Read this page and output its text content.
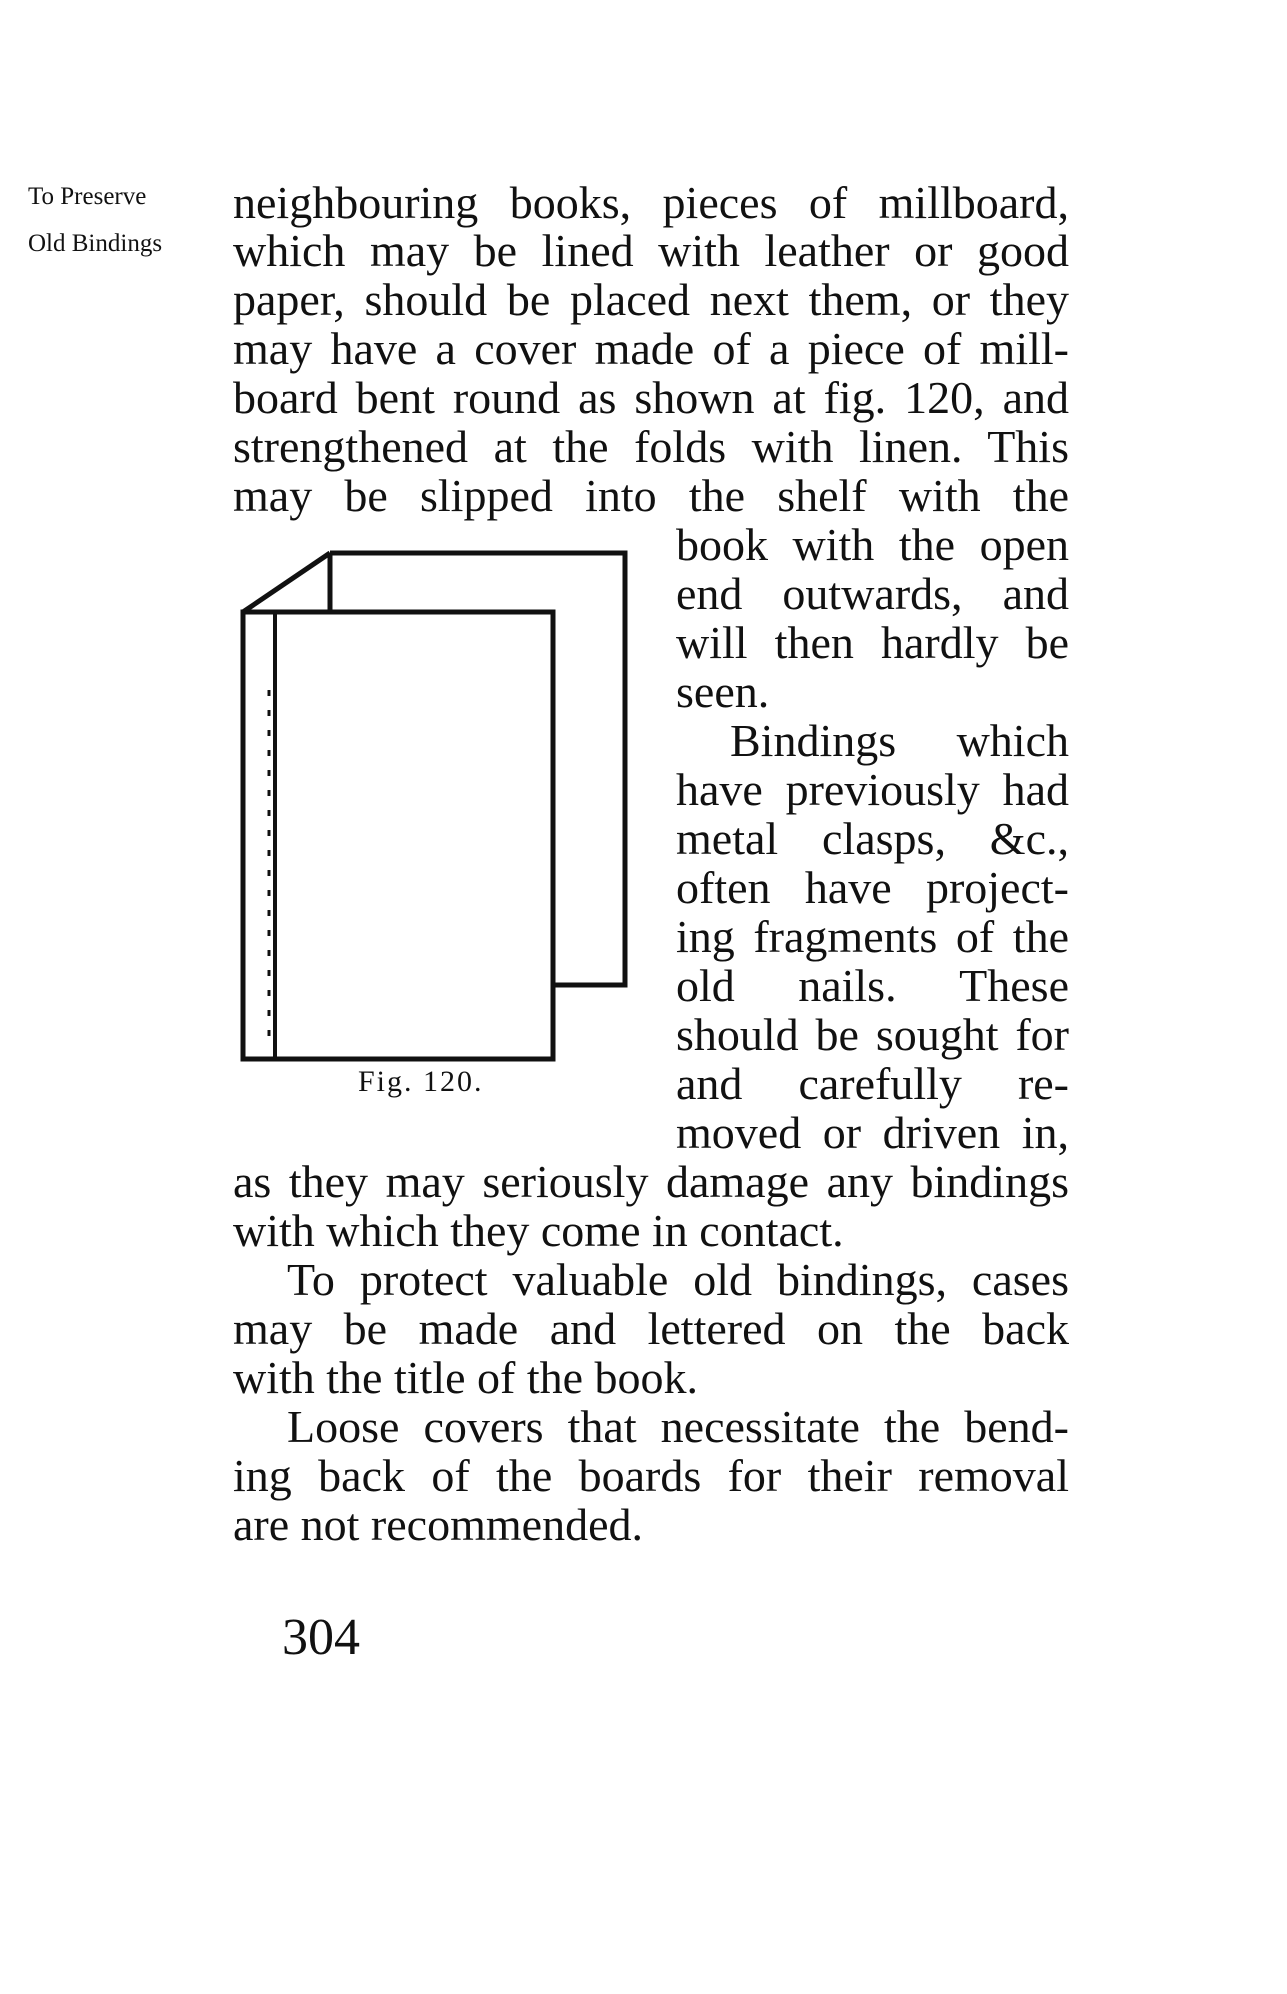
To Preserve
Old Bindings
neighbouring books, pieces of millboard,
which may be lined with leather or good
paper, should be placed next them, or they
may have a cover made of a piece of mill-
board bent round as shown at fig. 120, and
strengthened at the folds with linen. This
may be slipped into the shelf with the
book with the open
end outwards, and
will then hardly be
seen.
Bindings which
have previously had
metal clasps, &c.,
often have project-
ing fragments of the
old nails. These
should be sought for
and carefully re-
moved or driven in,
as they may seriously damage any bindings
with which they come in contact.
To protect valuable old bindings, cases
may be made and lettered on the back
with the title of the book.
Loose covers that necessitate the bend-
ing back of the boards for their removal
are not recommended.
Fig. 120.
304
